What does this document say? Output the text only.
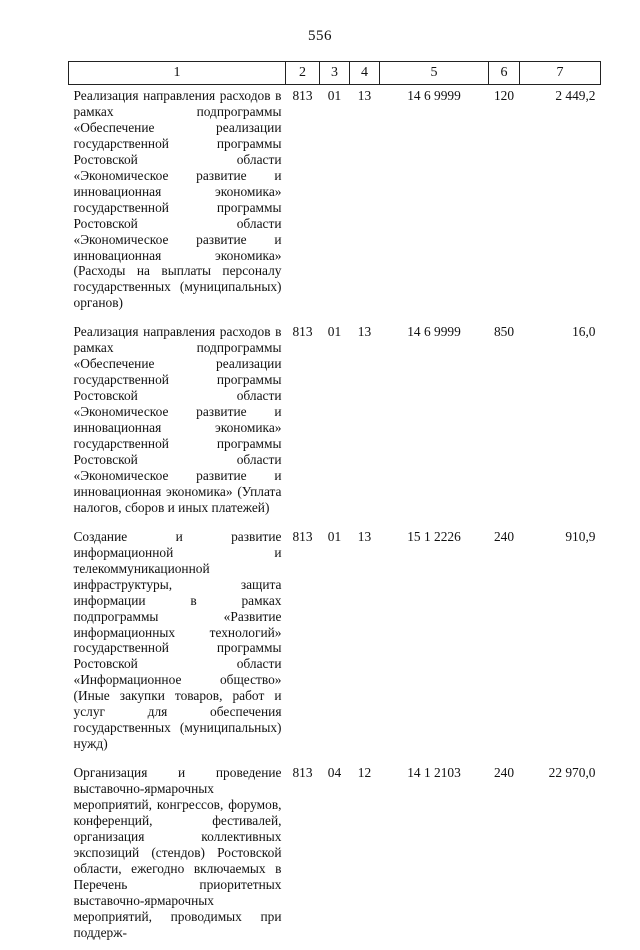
556
1	2	3	4	5	6	7
Реализация направления расходов в рамках подпрограммы «Обеспечение реализации государственной программы Ростовской области «Экономическое развитие и инновационная экономика» государственной программы Ростовской области «Экономическое развитие и инновационная экономика» (Расходы на выплаты персоналу государственных (муниципальных) органов)	813	01	13	14 6 9999	120	2 449,2
Реализация направления расходов в рамках подпрограммы «Обеспечение реализации государственной программы Ростовской области «Экономическое развитие и инновационная экономика» государственной программы Ростовской области «Экономическое развитие и инновационная экономика» (Уплата налогов, сборов и иных платежей)	813	01	13	14 6 9999	850	16,0
Создание и развитие информационной и телекоммуникационной инфраструктуры, защита информации в рамках подпрограммы «Развитие информационных технологий» государственной программы Ростовской области «Информационное общество» (Иные закупки товаров, работ и услуг для обеспечения государственных (муниципальных) нужд)	813	01	13	15 1 2226	240	910,9
Организация и проведение выставочно-ярмарочных мероприятий, конгрессов, форумов, конференций, фестивалей, организация коллективных экспозиций (стендов) Ростовской области, ежегодно включаемых в Перечень приоритетных выставочно-ярмарочных мероприятий, проводимых при поддерж-	813	04	12	14 1 2103	240	22 970,0
